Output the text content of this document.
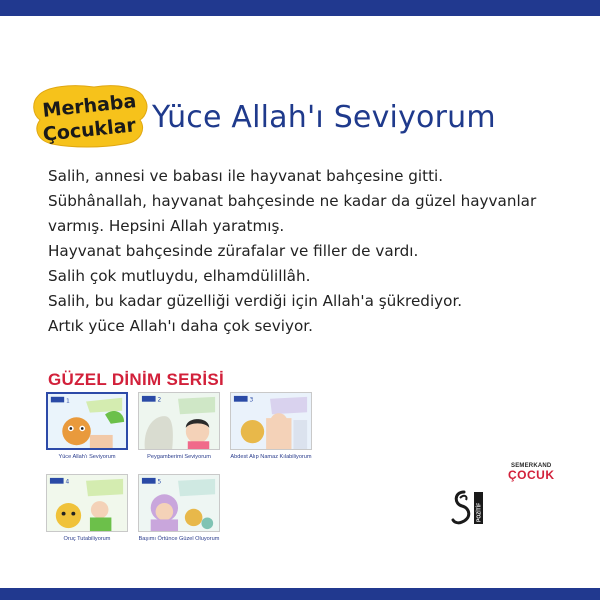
Merhaba
Çocuklar Yüce Allah'ı Seviyorum

Salih, annesi ve babası ile hayvanat bahçesine gitti.

Sübhânallah, hayvanat bahçesinde ne kadar da güzel hayvanlar

varmış. Hepsini Allah yaratmış.

Hayvanat bahçesinde zürafalar ve filler de vardı.

Salih çok mutluydu, elhamdülillâh.

Salih, bu kadar güzelliği verdiği için Allah'a şükrediyor.

Artık yüce Allah'ı daha çok seviyor.

GÜZEL DİNİM SERİSİ
1
Yüce Allah'ı Seviyorum
2
Peygamberimi Seviyorum
3
Abdest Alıp Namaz Kılabiliyorum
4
Oruç Tutabiliyorum
5
Başımı Örtünce Güzel Oluyorum
POZİTİF
SEMERKAND
ÇOCUK
